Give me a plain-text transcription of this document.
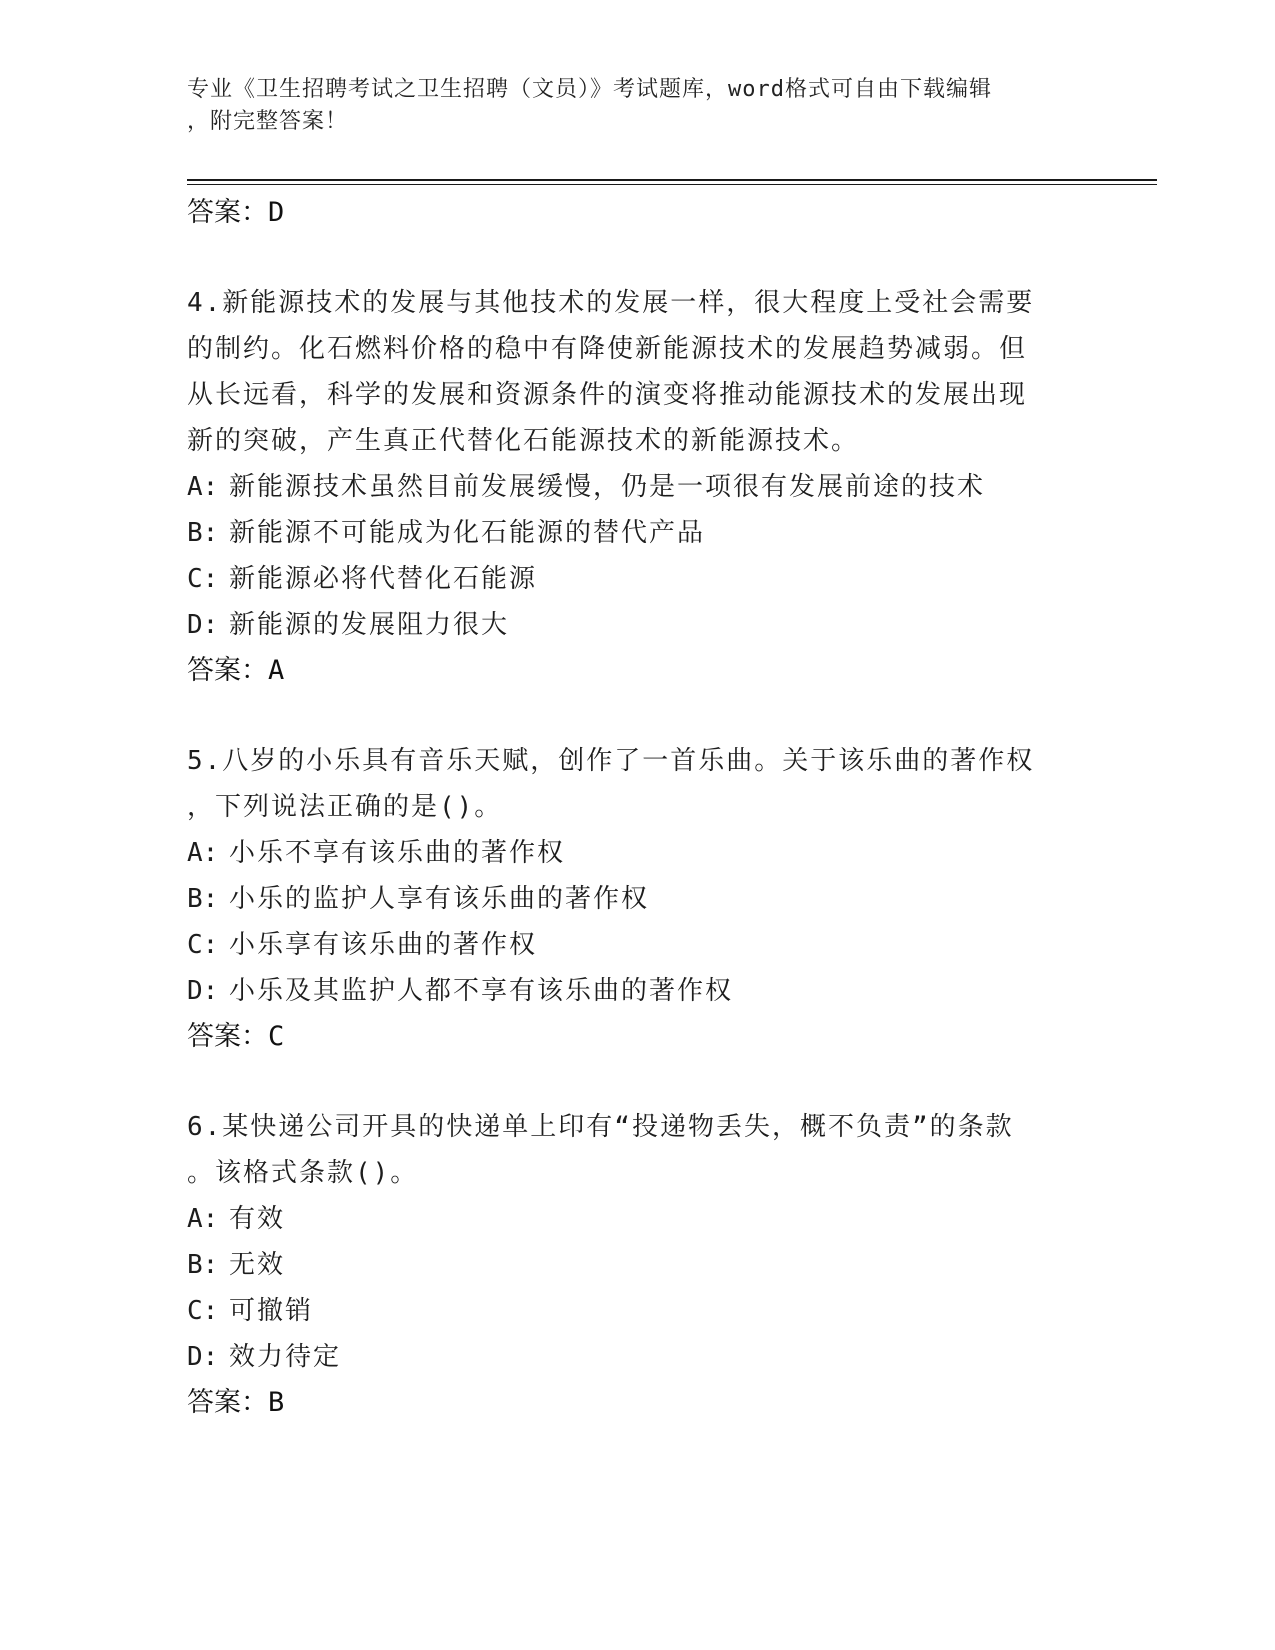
专业《卫生招聘考试之卫生招聘（文员）》考试题库，word格式可自由下载编辑
，附完整答案！
答案：D
4.新能源技术的发展与其他技术的发展一样，很大程度上受社会需要
的制约。化石燃料价格的稳中有降使新能源技术的发展趋势减弱。但
从长远看，科学的发展和资源条件的演变将推动能源技术的发展出现
新的突破，产生真正代替化石能源技术的新能源技术。
A: 新能源技术虽然目前发展缓慢，仍是一项很有发展前途的技术
B: 新能源不可能成为化石能源的替代产品
C: 新能源必将代替化石能源
D: 新能源的发展阻力很大
答案：A
5.八岁的小乐具有音乐天赋，创作了一首乐曲。关于该乐曲的著作权
，下列说法正确的是()。
A: 小乐不享有该乐曲的著作权
B: 小乐的监护人享有该乐曲的著作权
C: 小乐享有该乐曲的著作权
D: 小乐及其监护人都不享有该乐曲的著作权
答案：C
6.某快递公司开具的快递单上印有“投递物丢失，概不负责”的条款
。该格式条款()。
A: 有效
B: 无效
C: 可撤销
D: 效力待定
答案：B
